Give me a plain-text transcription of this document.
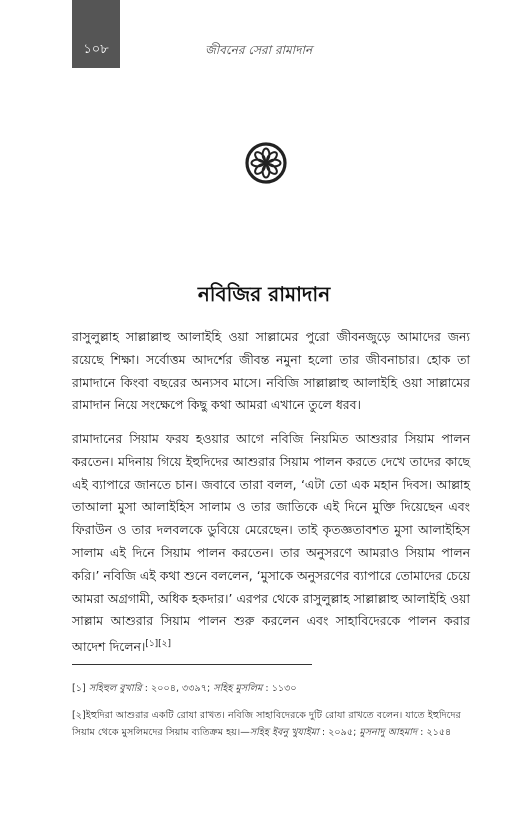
১০৮	জীবনের সেরা রামাদান
নবিজির রামাদান

রাসুলুল্লাহ সাল্লাল্লাহু আলাইহি ওয়া সাল্লামের পুরো জীবনজুড়ে আমাদের জন্য রয়েছে শিক্ষা। সর্বোত্তম আদর্শের জীবন্ত নমুনা হলো তার জীবনাচার। হোক তা রামাদানে কিংবা বছরের অন্যসব মাসে। নবিজি সাল্লাল্লাহু আলাইহি ওয়া সাল্লামের রামাদান নিয়ে সংক্ষেপে কিছু কথা আমরা এখানে তুলে ধরব।

রামাদানের সিয়াম ফরয হওয়ার আগে নবিজি নিয়মিত আশুরার সিয়াম পালন করতেন। মদিনায় গিয়ে ইহুদিদের আশুরার সিয়াম পালন করতে দেখে তাদের কাছে এই ব্যাপারে জানতে চান। জবাবে তারা বলল, ‘এটা তো এক মহান দিবস। আল্লাহ তাআলা মুসা আলাইহিস সালাম ও তার জাতিকে এই দিনে মুক্তি দিয়েছেন এবং ফিরাউন ও তার দলবলকে ডুবিয়ে মেরেছেন। তাই কৃতজ্ঞতাবশত মুসা আলাইহিস সালাম এই দিনে সিয়াম পালন করতেন। তার অনুসরণে আমরাও সিয়াম পালন করি।’ নবিজি এই কথা শুনে বললেন, ‘মুসাকে অনুসরণের ব্যাপারে তোমাদের চেয়ে আমরা অগ্রগামী, অধিক হকদার।’ এরপর থেকে রাসুলুল্লাহ সাল্লাল্লাহু আলাইহি ওয়া সাল্লাম আশুরার সিয়াম পালন শুরু করলেন এবং সাহাবিদেরকে পালন করার আদেশ দিলেন।[১][২]

[১] সহিহুল বুখারি : ২০০৪, ৩৩৯৭; সহিহ মুসলিম : ১১৩০

[২]ইহুদিরা আশুরার একটি রোযা রাখত। নবিজি সাহাবিদেরকে দুটি রোযা রাখতে বলেন। যাতে ইহুদিদের সিয়াম থেকে মুসলিমদের সিয়াম ব্যতিক্রম হয়।—সহিহ ইবনু খুযাইমা : ২০৯৫; মুসনাদু আহমাদ : ২১৫৪
